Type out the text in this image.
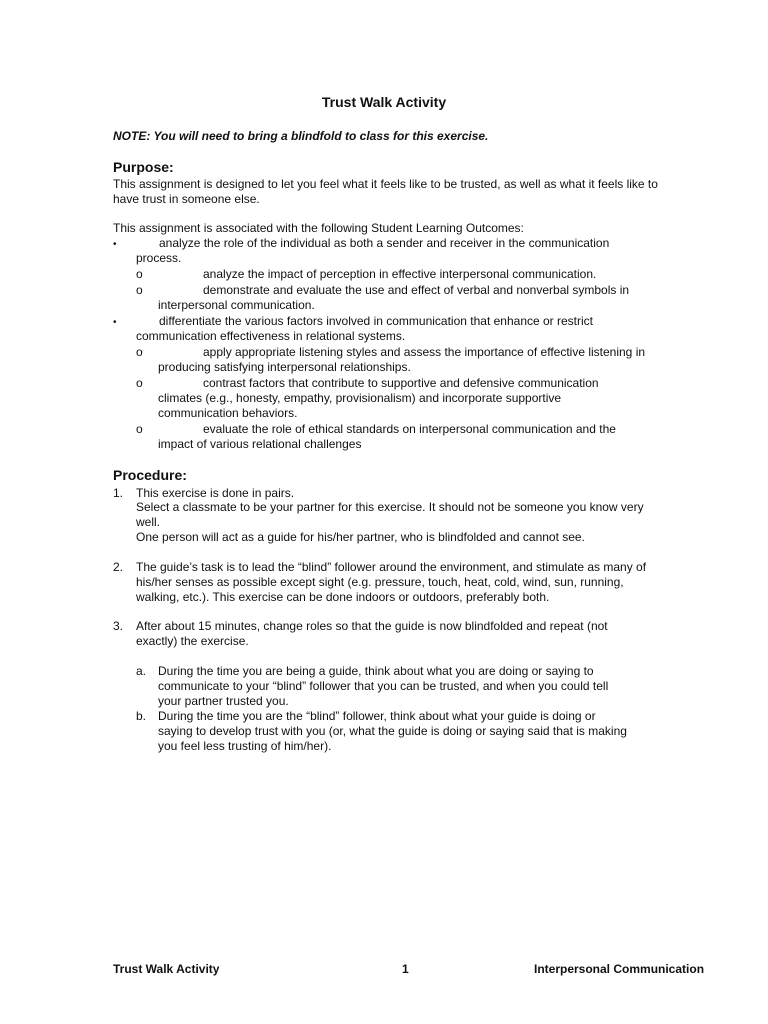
Trust Walk Activity
NOTE: You will need to bring a blindfold to class for this exercise.
Purpose:
This assignment is designed to let you feel what it feels like to be trusted, as well as what it feels like to have trust in someone else.
This assignment is associated with the following Student Learning Outcomes:
•	analyze the role of the individual as both a sender and receiver in the communication process.
o	analyze the impact of perception in effective interpersonal communication.
o	demonstrate and evaluate the use and effect of verbal and nonverbal symbols in interpersonal communication.
•	differentiate the various factors involved in communication that enhance or restrict communication effectiveness in relational systems.
o	apply appropriate listening styles and assess the importance of effective listening in producing satisfying interpersonal relationships.
o	contrast factors that contribute to supportive and defensive communication climates (e.g., honesty, empathy, provisionalism) and incorporate supportive communication behaviors.
o	evaluate the role of ethical standards on interpersonal communication and the impact of various relational challenges
Procedure:
1. This exercise is done in pairs.
Select a classmate to be your partner for this exercise. It should not be someone you know very well.
One person will act as a guide for his/her partner, who is blindfolded and cannot see.
2. The guide’s task is to lead the “blind” follower around the environment, and stimulate as many of his/her senses as possible except sight (e.g. pressure, touch, heat, cold, wind, sun, running, walking, etc.). This exercise can be done indoors or outdoors, preferably both.
3. After about 15 minutes, change roles so that the guide is now blindfolded and repeat (not exactly) the exercise.
a. During the time you are being a guide, think about what you are doing or saying to communicate to your “blind” follower that you can be trusted, and when you could tell your partner trusted you.
b. During the time you are the “blind” follower, think about what your guide is doing or saying to develop trust with you (or, what the guide is doing or saying said that is making you feel less trusting of him/her).
Trust Walk Activity	1	Interpersonal Communication
